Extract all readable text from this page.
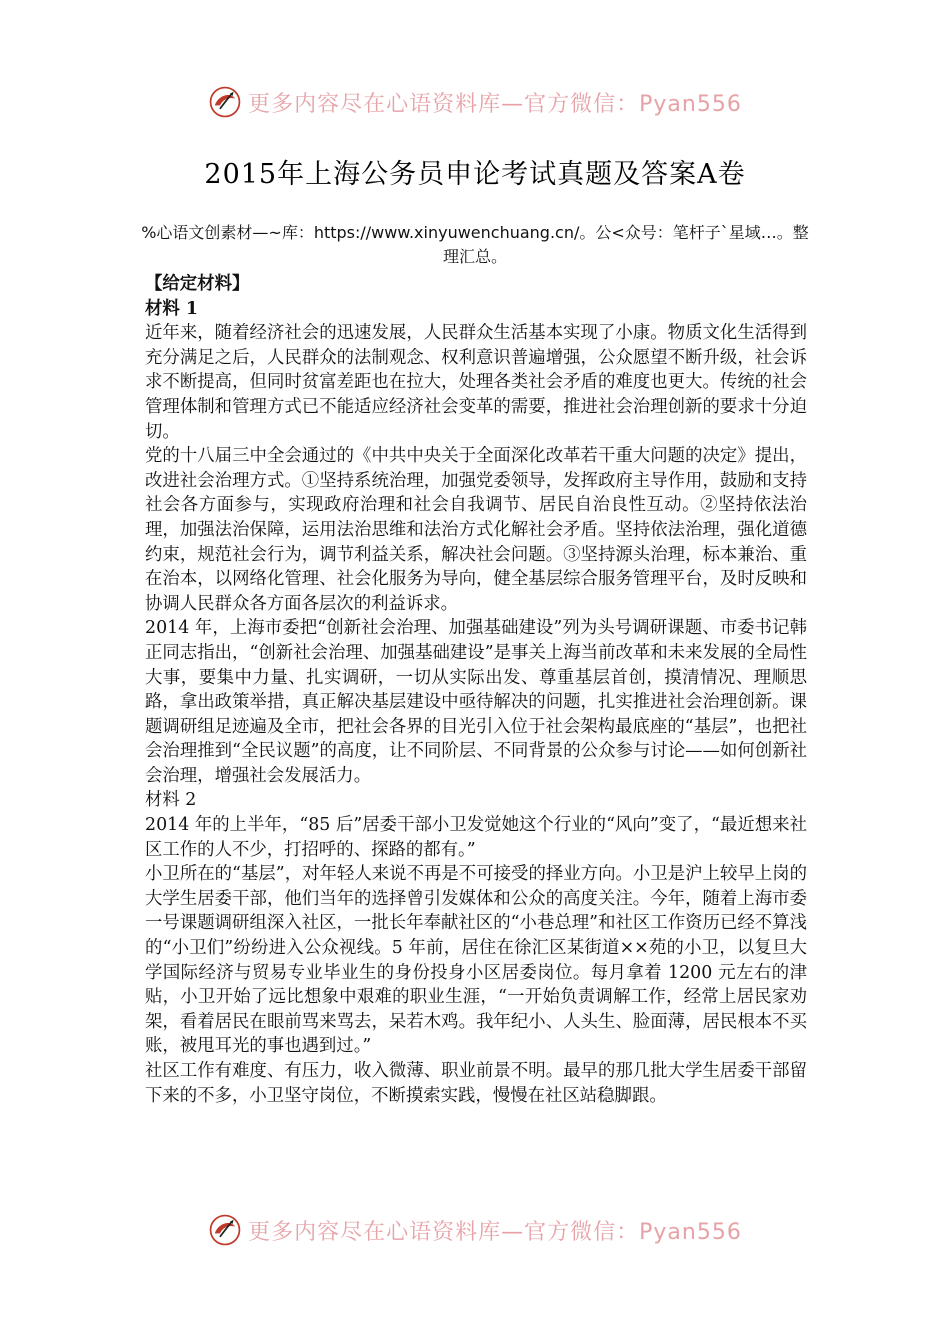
更多内容尽在心语资料库—官方微信：Pyan556
2015年上海公务员申论考试真题及答案A卷
%心语文创素材—~库：https://www.xinyuwenchuang.cn/。公<众号：笔杆子`星域…。整理汇总。

【给定材料】

材料 1

近年来，随着经济社会的迅速发展，人民群众生活基本实现了小康。物质文化生活得到充分满足之后，人民群众的法制观念、权利意识普遍增强，公众愿望不断升级，社会诉求不断提高，但同时贫富差距也在拉大，处理各类社会矛盾的难度也更大。传统的社会管理体制和管理方式已不能适应经济社会变革的需要，推进社会治理创新的要求十分迫切。

党的十八届三中全会通过的《中共中央关于全面深化改革若干重大问题的决定》提出，改进社会治理方式。①坚持系统治理，加强党委领导，发挥政府主导作用，鼓励和支持社会各方面参与，实现政府治理和社会自我调节、居民自治良性互动。②坚持依法治理，加强法治保障，运用法治思维和法治方式化解社会矛盾。坚持依法治理，强化道德约束，规范社会行为，调节利益关系，解决社会问题。③坚持源头治理，标本兼治、重在治本，以网络化管理、社会化服务为导向，健全基层综合服务管理平台，及时反映和协调人民群众各方面各层次的利益诉求。

2014 年，上海市委把“创新社会治理、加强基础建设”列为头号调研课题、市委书记韩正同志指出，“创新社会治理、加强基础建设”是事关上海当前改革和未来发展的全局性大事，要集中力量、扎实调研，一切从实际出发、尊重基层首创，摸清情况、理顺思路，拿出政策举措，真正解决基层建设中亟待解决的问题，扎实推进社会治理创新。课题调研组足迹遍及全市，把社会各界的目光引入位于社会架构最底座的“基层”，也把社会治理推到“全民议题”的高度，让不同阶层、不同背景的公众参与讨论——如何创新社会治理，增强社会发展活力。

材料 2

2014 年的上半年，“85 后”居委干部小卫发觉她这个行业的“风向”变了，“最近想来社区工作的人不少，打招呼的、探路的都有。”

小卫所在的“基层”，对年轻人来说不再是不可接受的择业方向。小卫是沪上较早上岗的大学生居委干部，他们当年的选择曾引发媒体和公众的高度关注。今年，随着上海市委一号课题调研组深入社区，一批长年奉献社区的“小巷总理”和社区工作资历已经不算浅的“小卫们”纷纷进入公众视线。5 年前，居住在徐汇区某街道××苑的小卫，以复旦大学国际经济与贸易专业毕业生的身份投身小区居委岗位。每月拿着 1200 元左右的津贴，小卫开始了远比想象中艰难的职业生涯，“一开始负责调解工作，经常上居民家劝架，看着居民在眼前骂来骂去，呆若木鸡。我年纪小、人头生、脸面薄，居民根本不买账，被甩耳光的事也遇到过。”

社区工作有难度、有压力，收入微薄、职业前景不明。最早的那几批大学生居委干部留下来的不多，小卫坚守岗位，不断摸索实践，慢慢在社区站稳脚跟。

更多内容尽在心语资料库—官方微信：Pyan556
